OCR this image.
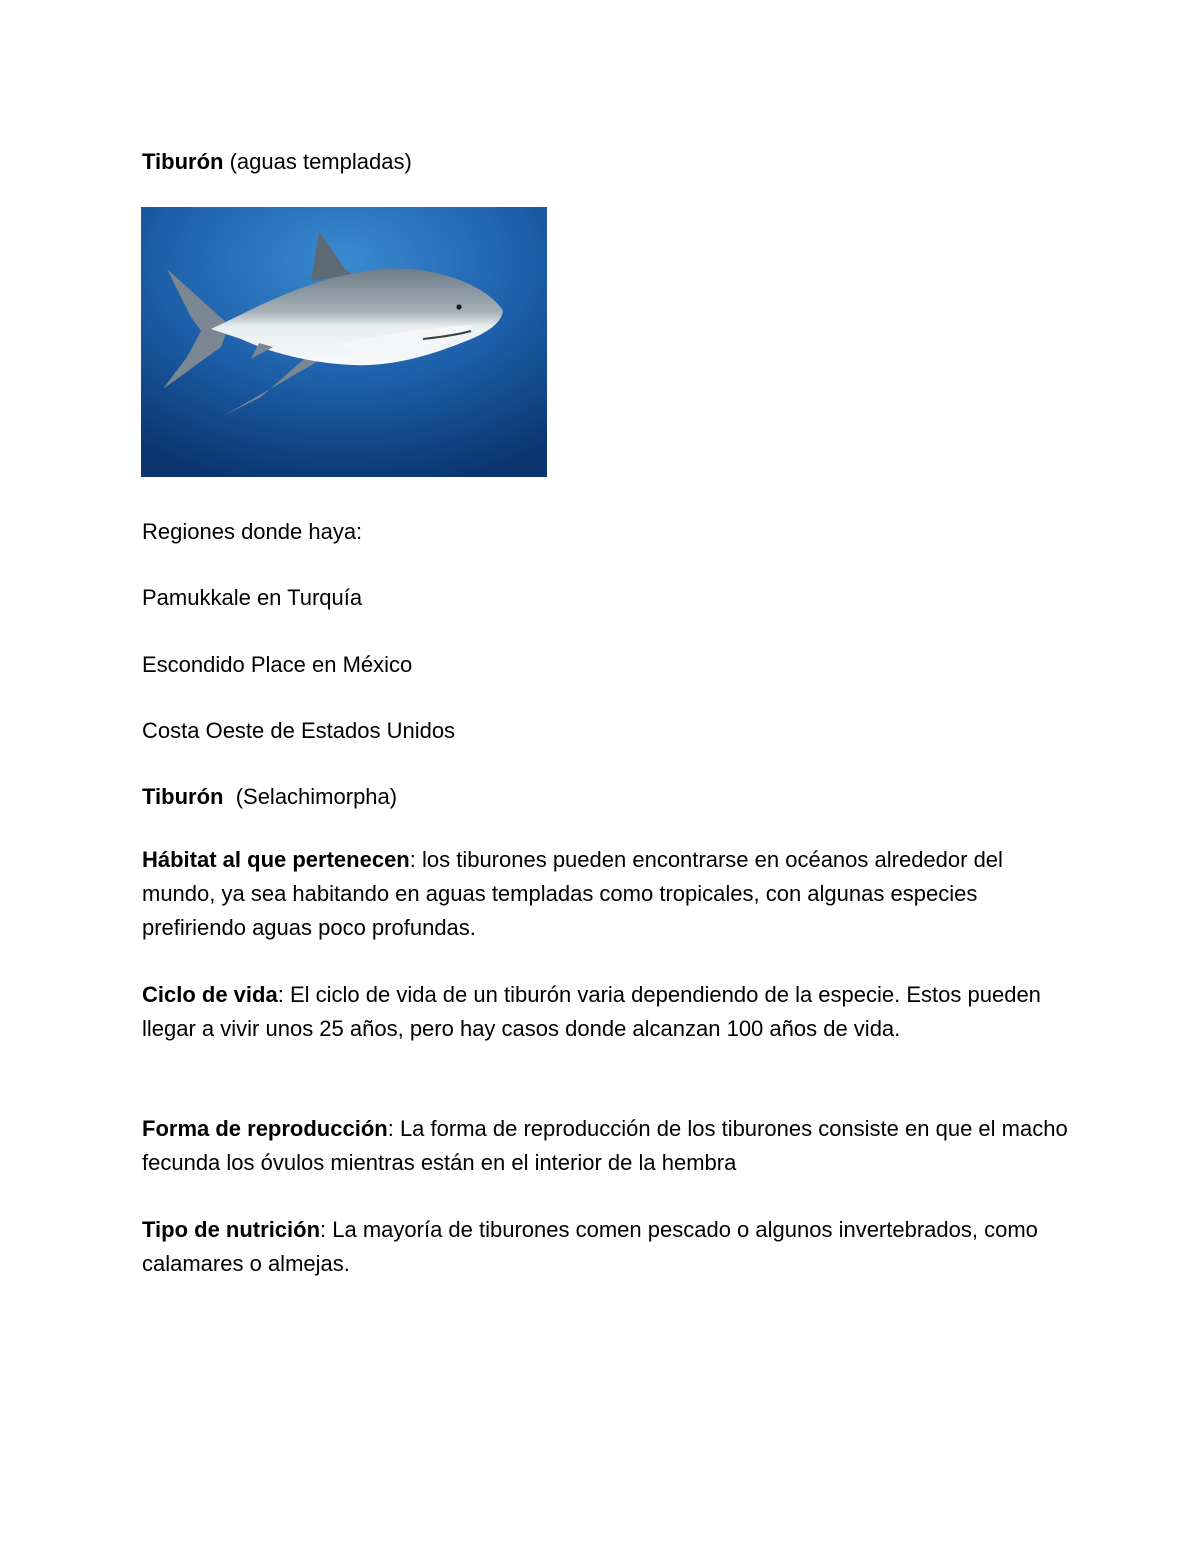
Tiburón (aguas templadas)
Regiones donde haya:
Pamukkale en Turquía
Escondido Place en México
Costa Oeste de Estados Unidos
Tiburón  (Selachimorpha)
Hábitat al que pertenecen: los tiburones pueden encontrarse en océanos alrededor del mundo, ya sea habitando en aguas templadas como tropicales, con algunas especies prefiriendo aguas poco profundas.
Ciclo de vida: El ciclo de vida de un tiburón varia dependiendo de la especie. Estos pueden llegar a vivir unos 25 años, pero hay casos donde alcanzan 100 años de vida.
Forma de reproducción: La forma de reproducción de los tiburones consiste en que el macho fecunda los óvulos mientras están en el interior de la hembra
Tipo de nutrición: La mayoría de tiburones comen pescado o algunos invertebrados, como calamares o almejas.
